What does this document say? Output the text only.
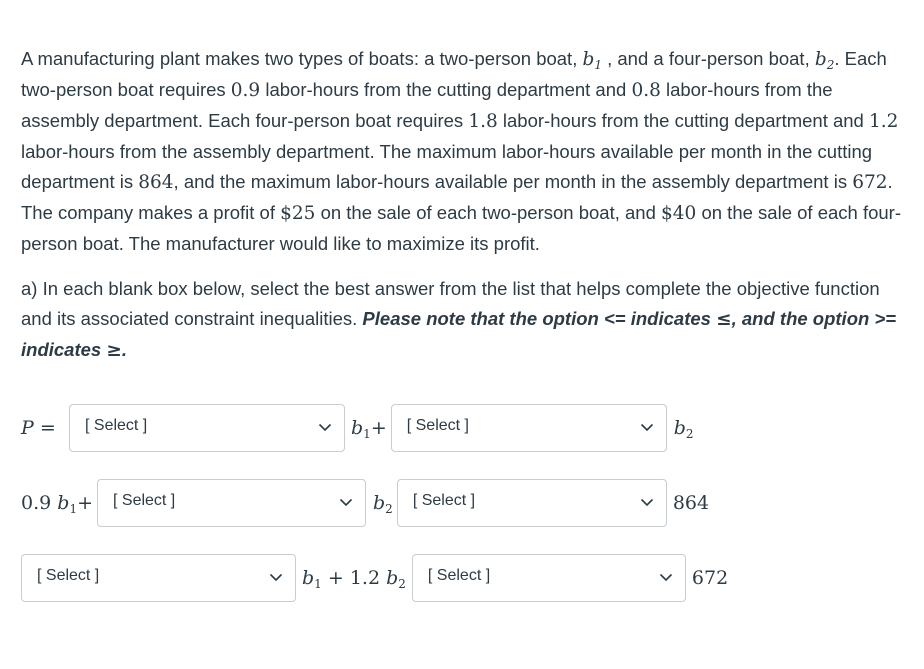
A manufacturing plant makes two types of boats: a two-person boat, $b_1$ , and a four-person boat, $b_2$. Each two-person boat requires 0.9 labor-hours from the cutting department and 0.8 labor-hours from the assembly department. Each four-person boat requires 1.8 labor-hours from the cutting department and 1.2 labor-hours from the assembly department. The maximum labor-hours available per month in the cutting department is 864, and the maximum labor-hours available per month in the assembly department is 672. The company makes a profit of $25 on the sale of each two-person boat, and $40 on the sale of each four-person boat. The manufacturer would like to maximize its profit.

a) In each blank box below, select the best answer from the list that helps complete the objective function and its associated constraint inequalities. Please note that the option <= indicates ≤, and the option >= indicates ≥.

P =	[ Select ]	$b_1+$ [ Select ]	$b_2$
0.9 $b_1+$ [ Select ]	$b_2$ [ Select ]	864
[ Select ]	$b_1 + 1.2$ $b_2$ [ Select ]	672
